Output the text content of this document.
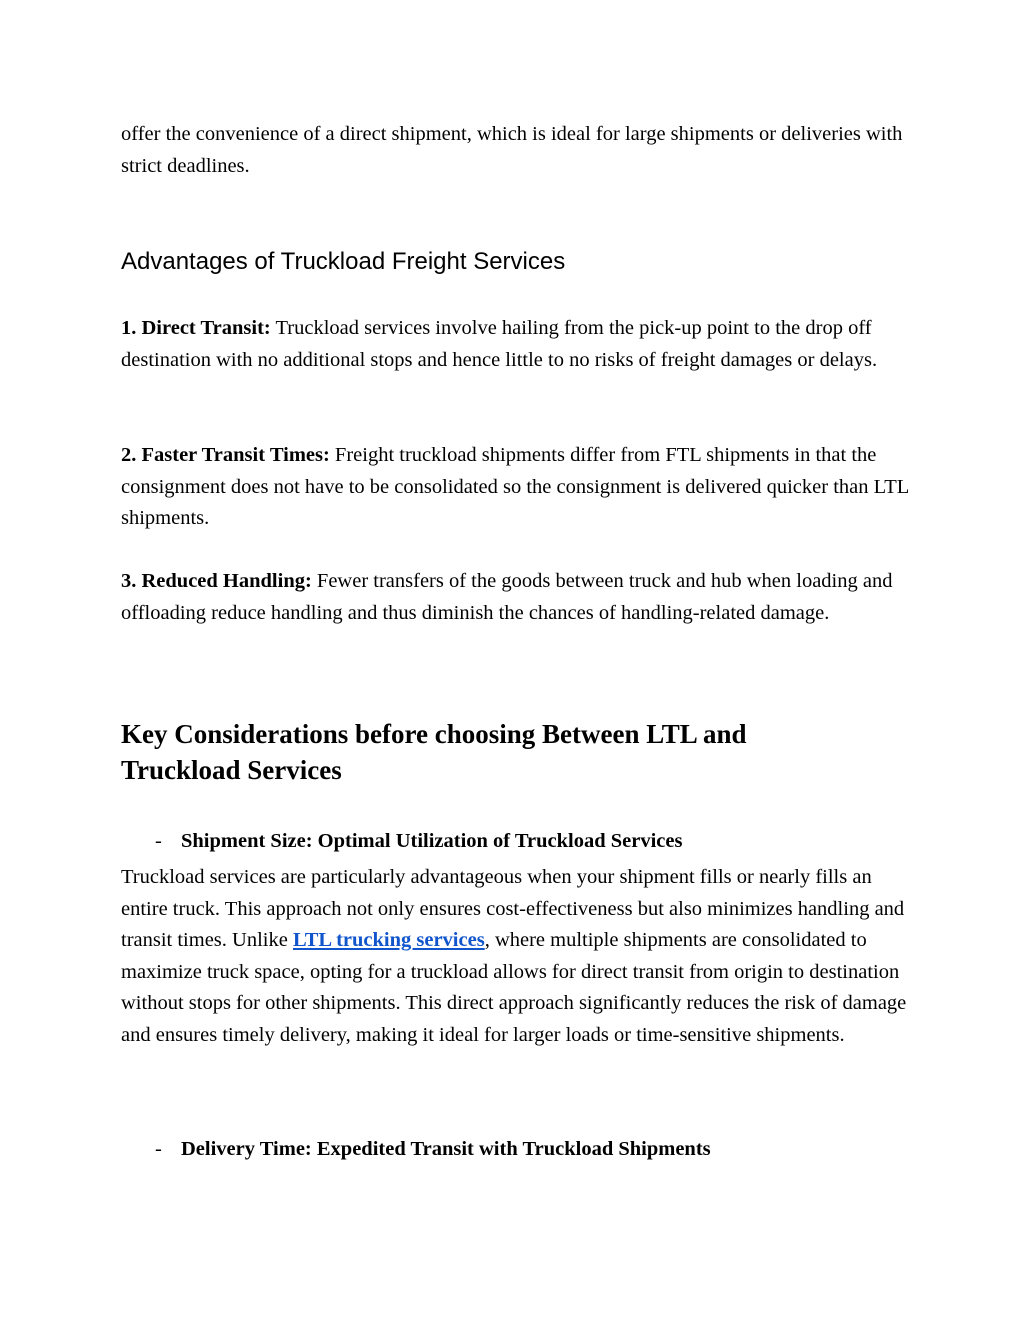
offer the convenience of a direct shipment, which is ideal for large shipments or deliveries with strict deadlines.

Advantages of Truckload Freight Services

1. Direct Transit: Truckload services involve hailing from the pick-up point to the drop off destination with no additional stops and hence little to no risks of freight damages or delays.

2. Faster Transit Times: Freight truckload shipments differ from FTL shipments in that the consignment does not have to be consolidated so the consignment is delivered quicker than LTL shipments.

3. Reduced Handling: Fewer transfers of the goods between truck and hub when loading and offloading reduce handling and thus diminish the chances of handling-related damage.

Key Considerations before choosing Between LTL and Truckload Services
- Shipment Size: Optimal Utilization of Truckload Services

Truckload services are particularly advantageous when your shipment fills or nearly fills an entire truck. This approach not only ensures cost-effectiveness but also minimizes handling and transit times. Unlike LTL trucking services, where multiple shipments are consolidated to maximize truck space, opting for a truckload allows for direct transit from origin to destination without stops for other shipments. This direct approach significantly reduces the risk of damage and ensures timely delivery, making it ideal for larger loads or time-sensitive shipments.

- Delivery Time: Expedited Transit with Truckload Shipments
